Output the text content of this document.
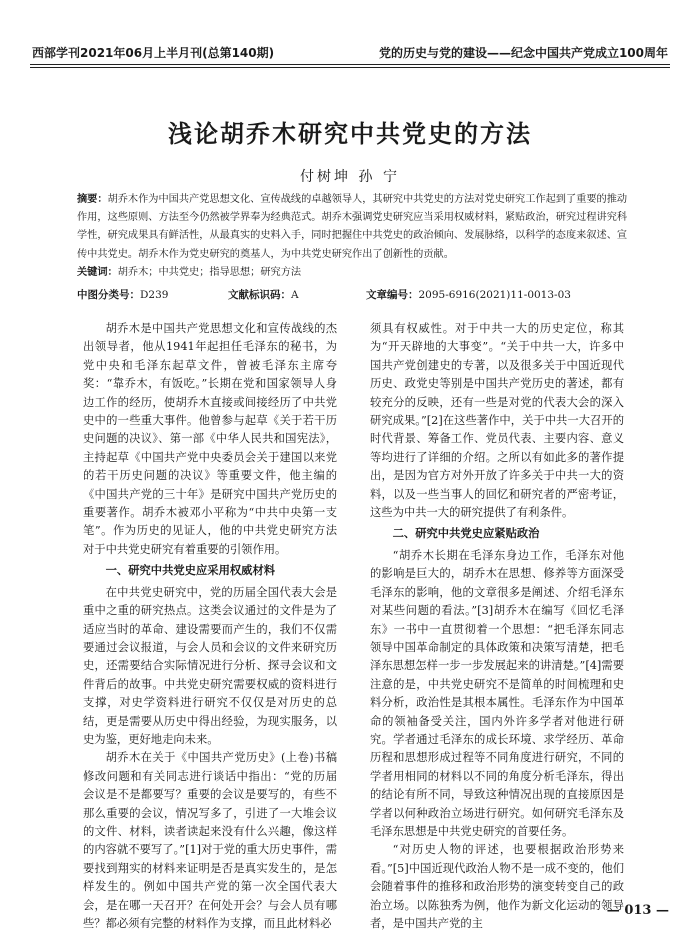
西部学刊2021年06月上半月刊(总第140期)	党的历史与党的建设——纪念中国共产党成立100周年
浅论胡乔木研究中共党史的方法
付树坤 孙 宁
摘要：胡乔木作为中国共产党思想文化、宣传战线的卓越领导人，其研究中共党史的方法对党史研究工作起到了重要的推动作用，这些原则、方法至今仍然被学界奉为经典范式。胡乔木强调党史研究应当采用权威材料，紧贴政治，研究过程讲究科学性，研究成果具有鲜活性，从最真实的史料入手，同时把握住中共党史的政治倾向、发展脉络，以科学的态度来叙述、宣传中共党史。胡乔木作为党史研究的奠基人，为中共党史研究作出了创新性的贡献。
关键词：胡乔木；中共党史；指导思想；研究方法
中图分类号：D239	文献标识码：A	文章编号：2095-6916(2021)11-0013-03

胡乔木是中国共产党思想文化和宣传战线的杰出领导者，他从1941年起担任毛泽东的秘书，为党中央和毛泽东起草文件，曾被毛泽东主席夸奖：“靠乔木，有饭吃。”长期在党和国家领导人身边工作的经历，使胡乔木直接或间接经历了中共党史中的一些重大事件。他曾参与起草《关于若干历史问题的决议》、第一部《中华人民共和国宪法》，主持起草《中国共产党中央委员会关于建国以来党的若干历史问题的决议》等重要文件，他主编的《中国共产党的三十年》是研究中国共产党历史的重要著作。胡乔木被邓小平称为“中共中央第一支笔”。作为历史的见证人，他的中共党史研究方法对于中共党史研究有着重要的引领作用。

一、研究中共党史应采用权威材料

在中共党史研究中，党的历届全国代表大会是重中之重的研究热点。这类会议通过的文件是为了适应当时的革命、建设需要而产生的，我们不仅需要通过会议报道，与会人员和会议的文件来研究历史，还需要结合实际情况进行分析、探寻会议和文件背后的故事。中共党史研究需要权威的资料进行支撑，对史学资料进行研究不仅仅是对历史的总结，更是需要从历史中得出经验，为现实服务，以史为鉴，更好地走向未来。

胡乔木在关于《中国共产党历史》(上卷)书稿修改问题和有关同志进行谈话中指出：“党的历届会议是不是都要写？重要的会议是要写的，有些不那么重要的会议，情况写多了，引进了一大堆会议的文件、材料，读者读起来没有什么兴趣，像这样的内容就不要写了。”[1]对于党的重大历史事件，需要找到翔实的材料来证明是否是真实发生的，是怎样发生的。例如中国共产党的第一次全国代表大会，是在哪一天召开？在何处开会？与会人员有哪些？都必须有完整的材料作为支撑，而且此材料必

须具有权威性。对于中共一大的历史定位，称其为“开天辟地的大事变”。“关于中共一大，许多中国共产党创建史的专著，以及很多关于中国近现代历史、政党史等别是中国共产党历史的著述，都有较充分的反映，还有一些是对党的代表大会的深入研究成果。”[2]在这些著作中，关于中共一大召开的时代背景、筹备工作、党员代表、主要内容、意义等均进行了详细的介绍。之所以有如此多的著作提出，是因为官方对外开放了许多关于中共一大的资料，以及一些当事人的回忆和研究者的严密考证，这些为中共一大的研究提供了有利条件。

二、研究中共党史应紧贴政治

“胡乔木长期在毛泽东身边工作，毛泽东对他的影响是巨大的，胡乔木在思想、修养等方面深受毛泽东的影响，他的文章很多是阐述、介绍毛泽东对某些问题的看法。”[3]胡乔木在编写《回忆毛泽东》一书中一直贯彻着一个思想：“把毛泽东同志领导中国革命制定的具体政策和决策写清楚，把毛泽东思想怎样一步一步发展起来的讲清楚。”[4]需要注意的是，中共党史研究不是简单的时间梳理和史料分析，政治性是其根本属性。毛泽东作为中国革命的领袖备受关注，国内外许多学者对他进行研究。学者通过毛泽东的成长环境、求学经历、革命历程和思想形成过程等不同角度进行研究，不同的学者用相同的材料以不同的角度分析毛泽东，得出的结论有所不同，导致这种情况出现的直接原因是学者以何种政治立场进行研究。如何研究毛泽东及毛泽东思想是中共党史研究的首要任务。

“对历史人物的评述，也要根据政治形势来看。”[5]中国近现代政治人物不是一成不变的，他们会随着事件的推移和政治形势的演变转变自己的政治立场。以陈独秀为例，他作为新文化运动的领导者，是中国共产党的主

— 013 —
